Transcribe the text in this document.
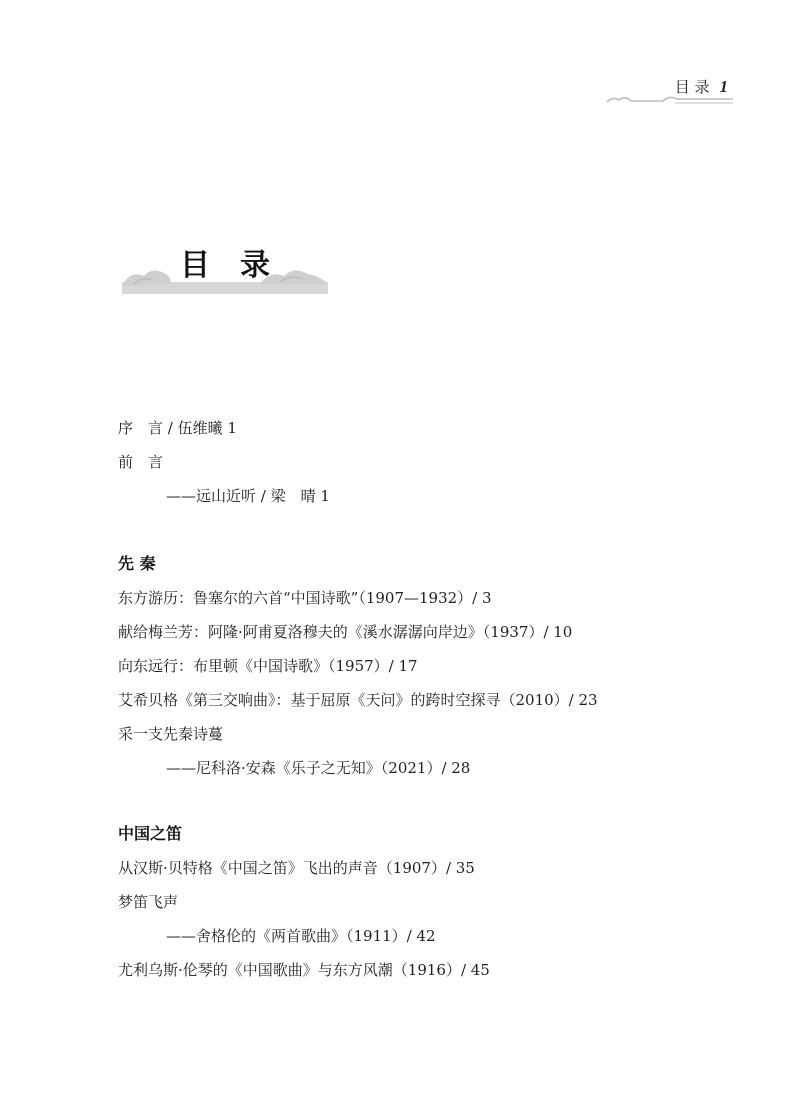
目 录 1
目录
序　言 / 伍维曦 1
前　言
——远山近听 / 梁　晴 1
先 秦
东方游历：鲁塞尔的六首“中国诗歌”（1907—1932）/ 3
献给梅兰芳：阿隆·阿甫夏洛穆夫的《溪水潺潺向岸边》（1937）/ 10
向东远行：布里顿《中国诗歌》（1957）/ 17
艾希贝格《第三交响曲》：基于屈原《天问》的跨时空探寻（2010）/ 23
采一支先秦诗蔓
——尼科洛·安森《乐子之无知》（2021）/ 28
中国之笛
从汉斯·贝特格《中国之笛》飞出的声音（1907）/ 35
梦笛飞声
——舍格伦的《两首歌曲》（1911）/ 42
尤利乌斯·伦琴的《中国歌曲》与东方风潮（1916）/ 45
